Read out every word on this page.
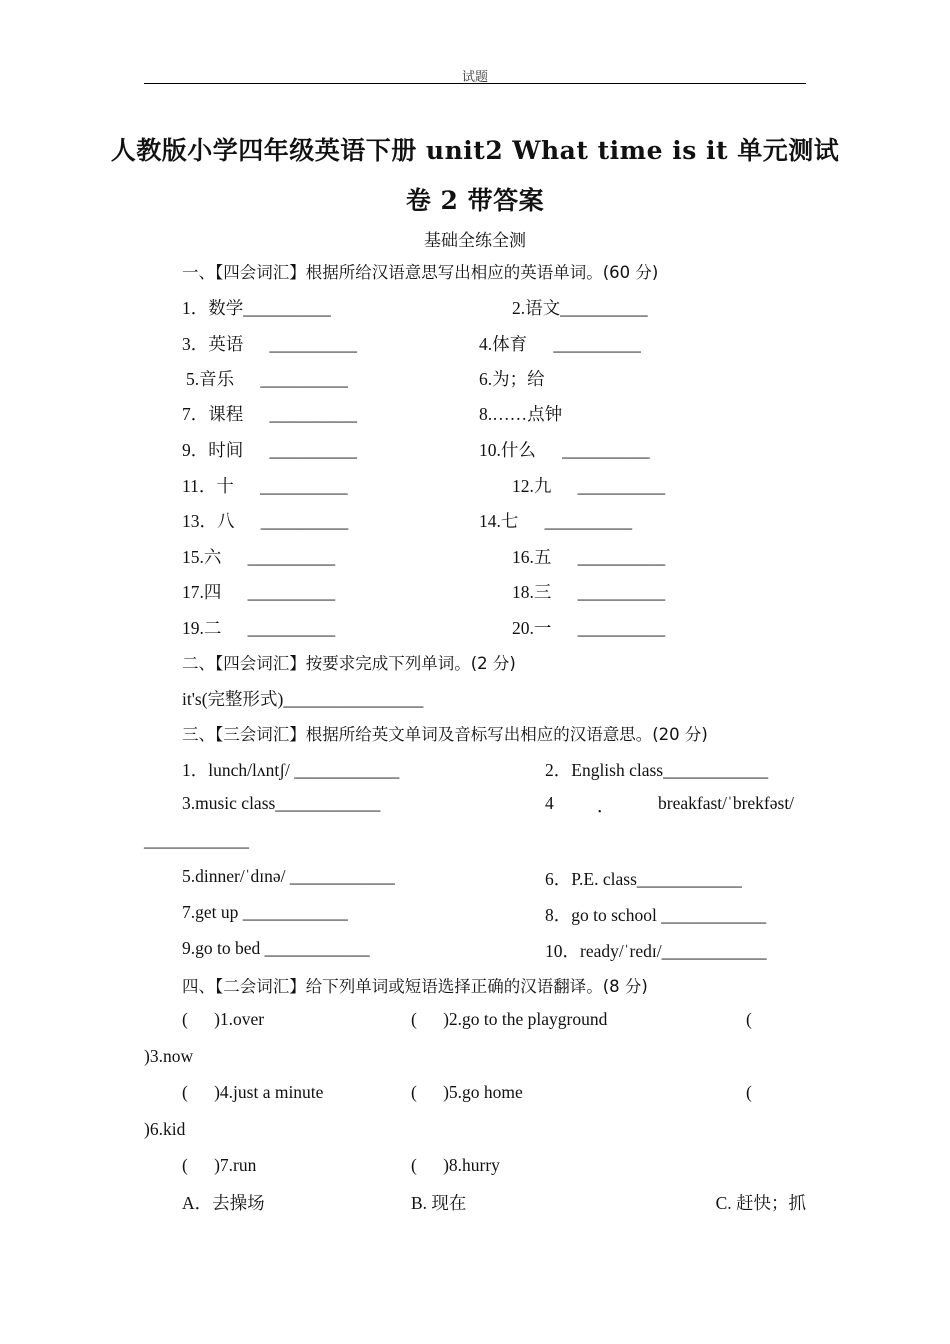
试题
人教版小学四年级英语下册 unit2 What time is it 单元测试
卷 2 带答案
基础全练全测
一、【四会词汇】根据所给汉语意思写出相应的英语单词。(60 分)
1．数学__________	2.语文__________
3．英语      __________	4.体育      __________
5.音乐      __________	6.为；给
7．课程      __________	8.……点钟
9．时间      __________	10.什么      __________
11．十      __________	12.九      __________
13．八      __________	14.七      __________
15.六      __________	16.五      __________
17.四      __________	18.三      __________
19.二      __________	20.一      __________
二、【四会词汇】按要求完成下列单词。(2 分)
it's(完整形式)________________
三、【三会词汇】根据所给英文单词及音标写出相应的汉语意思。(20 分)
1．lunch/lʌntʃ/ ____________	2．English class____________
3.music class____________	4 ． breakfast/ˈbrekfəst/
____________
5.dinner/ˈdɪnə/ ____________	6．P.E. class____________
7.get up ____________	8．go to school ____________
9.go to bed ____________	10．ready/ˈredɪ/____________
四、【二会词汇】给下列单词或短语选择正确的汉语翻译。(8 分)
(      )1.over	(      )2.go to the playground	(
)3.now
(      )4.just a minute	(      )5.go home	(
)6.kid
(      )7.run	(      )8.hurry
A．去操场	B. 现在	C. 赶快；抓
